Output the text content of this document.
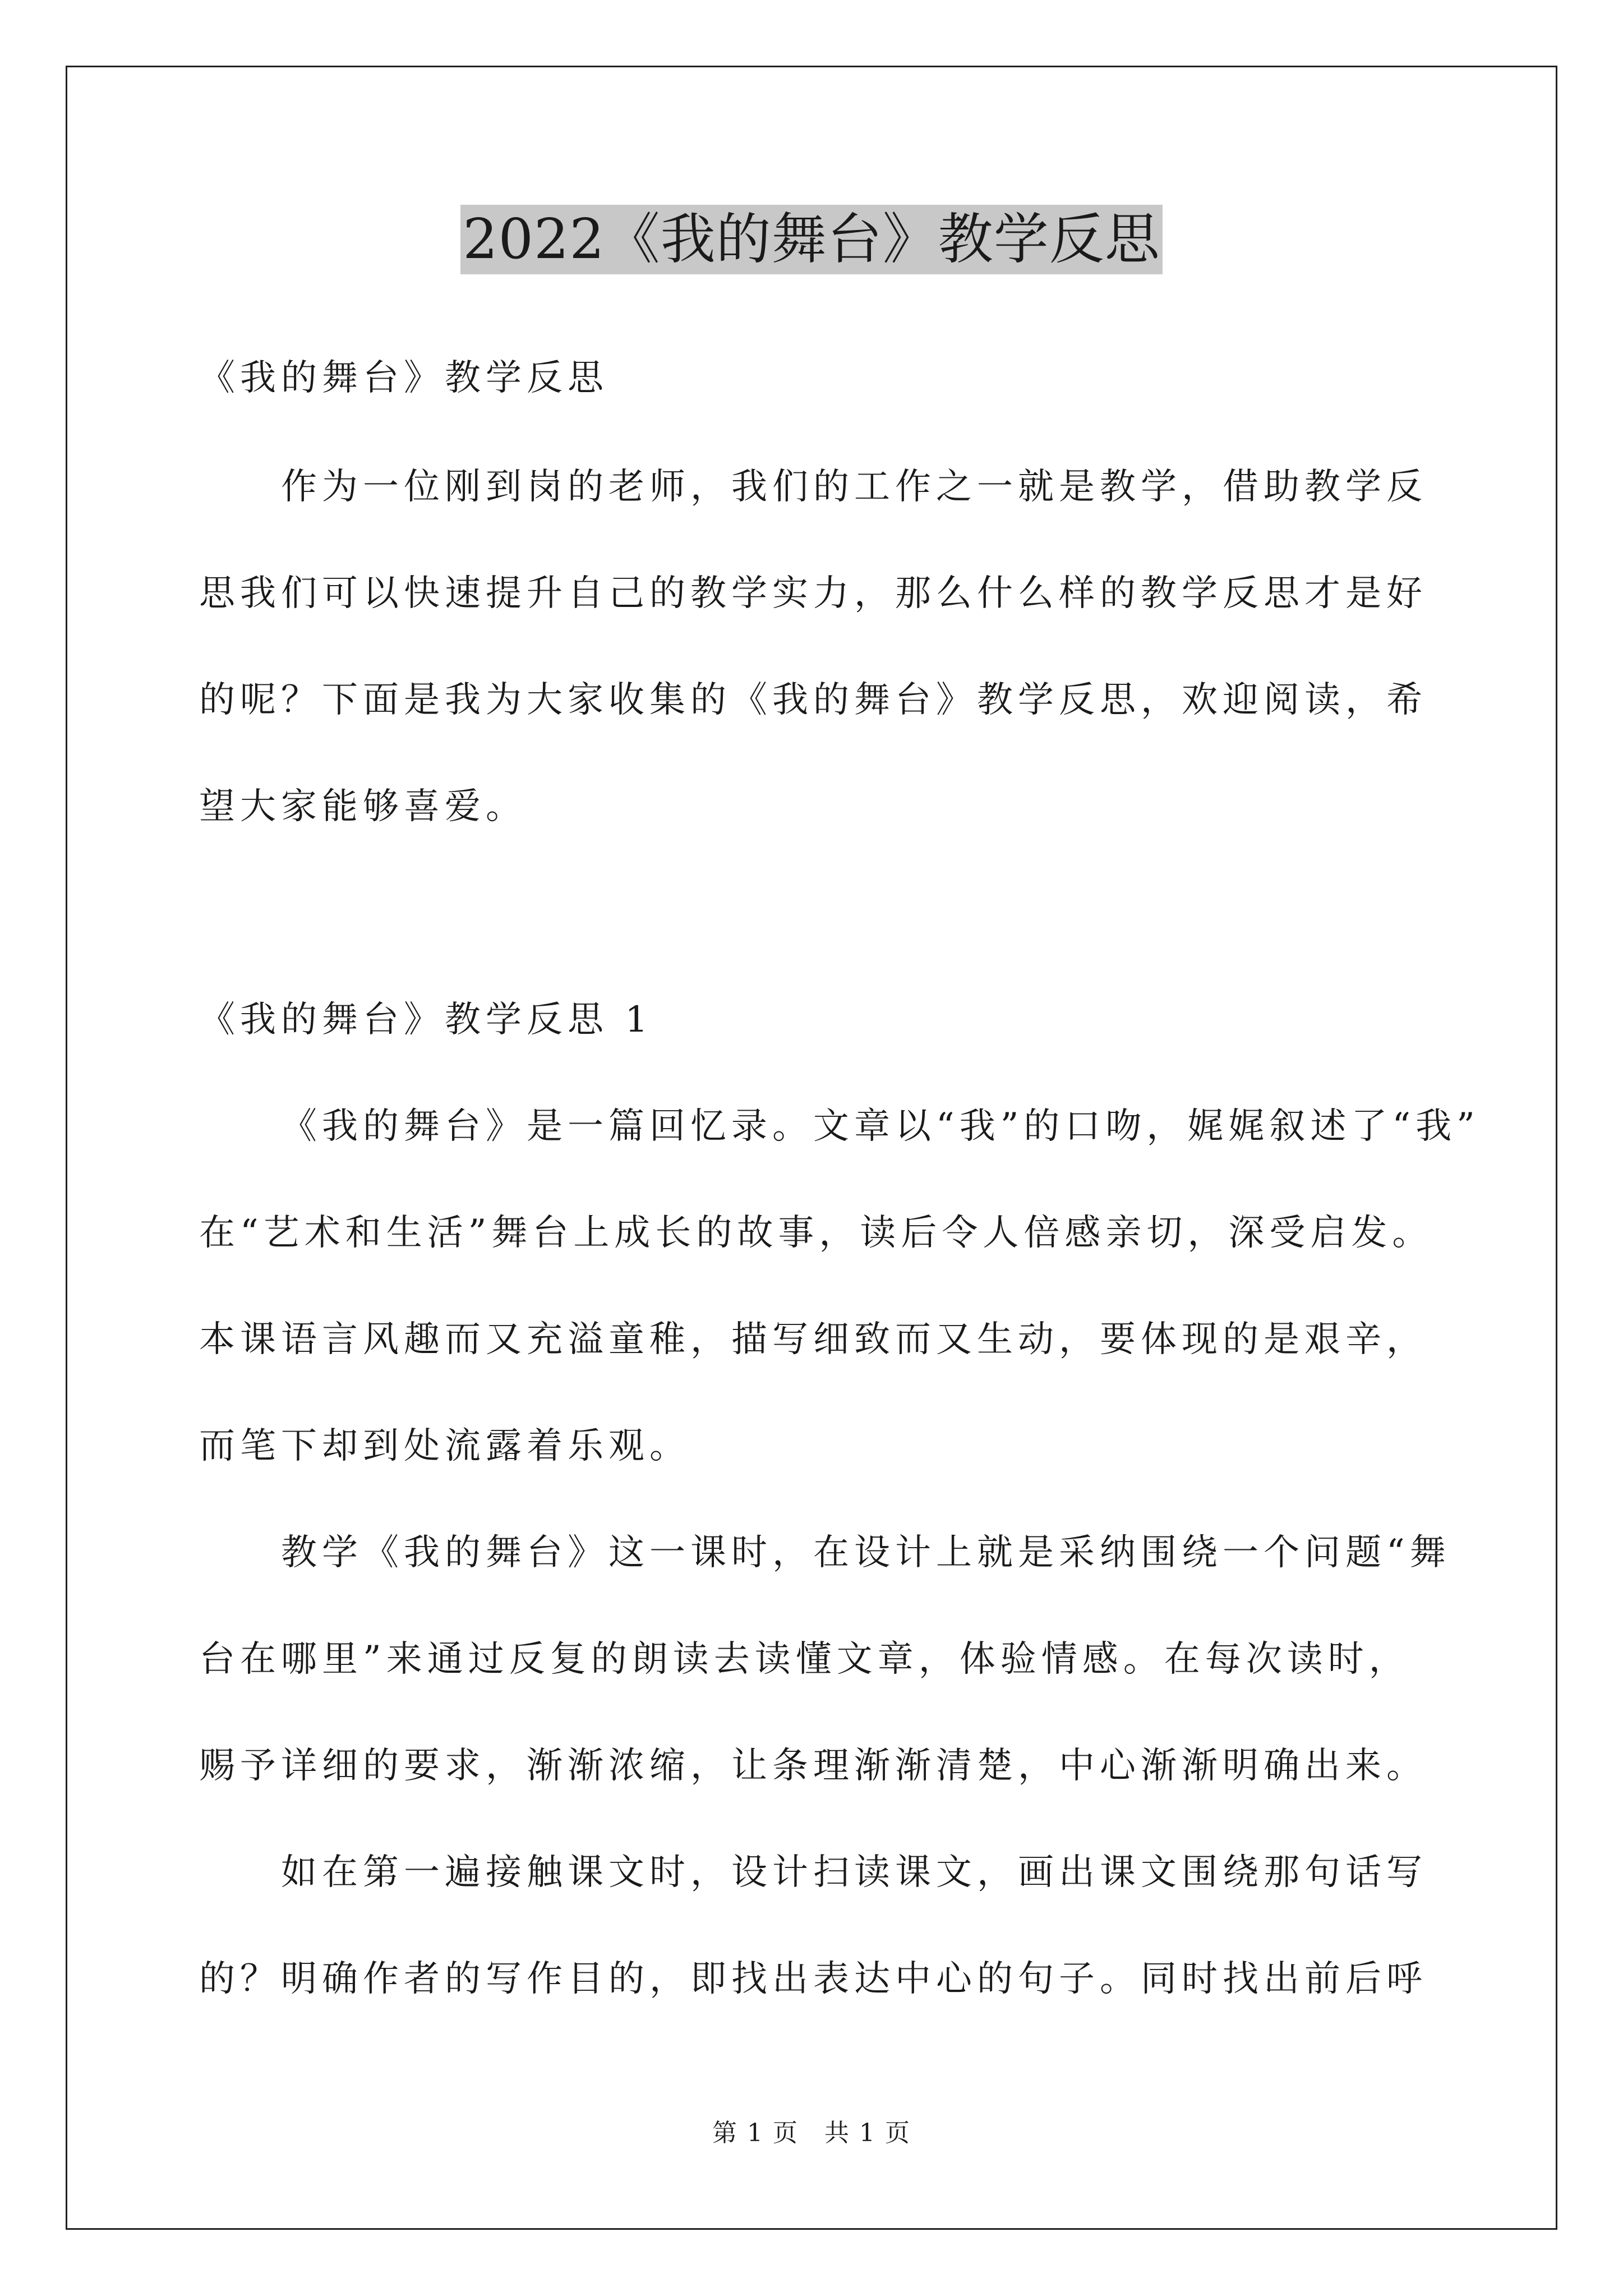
2022《我的舞台》教学反思
《我的舞台》教学反思
作为一位刚到岗的老师，我们的工作之一就是教学，借助教学反
思我们可以快速提升自己的教学实力，那么什么样的教学反思才是好
的呢？下面是我为大家收集的《我的舞台》教学反思，欢迎阅读，希
望大家能够喜爱。
《我的舞台》教学反思 1
《我的舞台》是一篇回忆录。文章以“我”的口吻，娓娓叙述了“我”
在“艺术和生活”舞台上成长的故事，读后令人倍感亲切，深受启发。
本课语言风趣而又充溢童稚，描写细致而又生动，要体现的是艰辛，
而笔下却到处流露着乐观。
教学《我的舞台》这一课时，在设计上就是采纳围绕一个问题“舞
台在哪里”来通过反复的朗读去读懂文章，体验情感。在每次读时，
赐予详细的要求，渐渐浓缩，让条理渐渐清楚，中心渐渐明确出来。
如在第一遍接触课文时，设计扫读课文，画出课文围绕那句话写
的？明确作者的写作目的，即找出表达中心的句子。同时找出前后呼
第 1 页　共 1 页
